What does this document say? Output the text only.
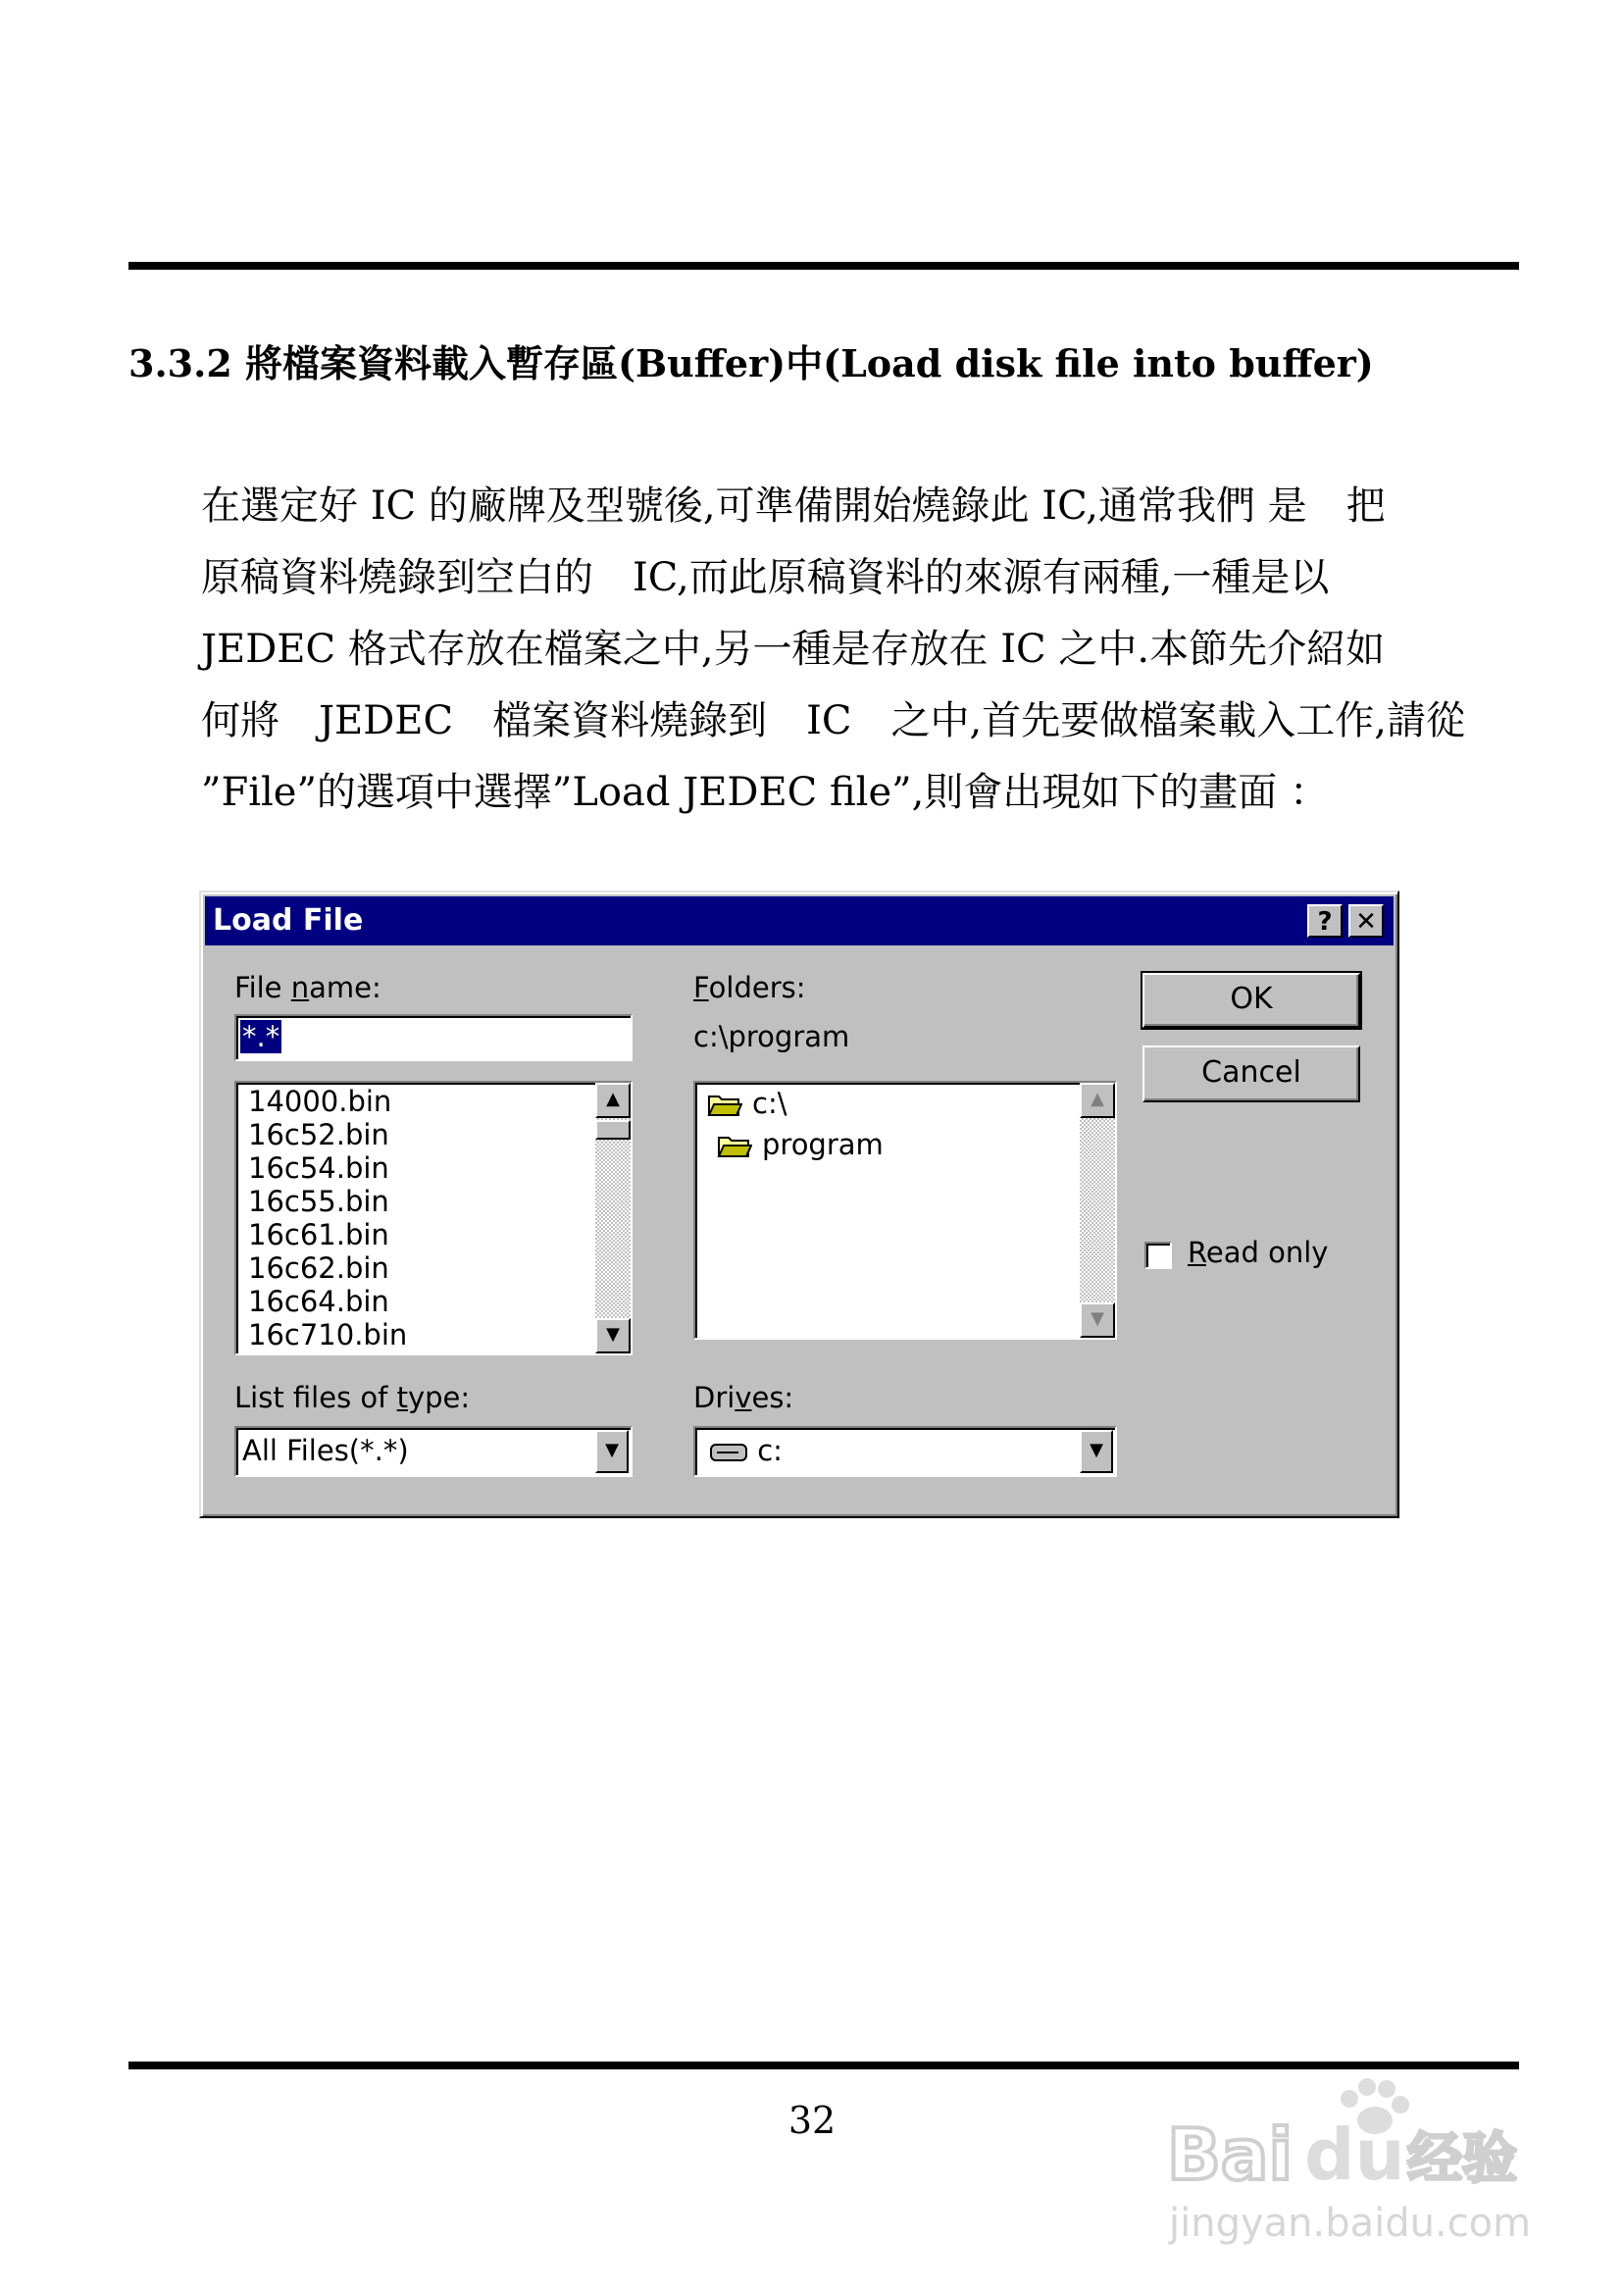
3.3.2 將檔案資料載入暫存區(Buffer)中(Load disk file into buffer)

在選定好 IC 的廠牌及型號後,可準備開始燒錄此 IC,通常我們 是　把

原稿資料燒錄到空白的　IC,而此原稿資料的來源有兩種,一種是以

JEDEC 格式存放在檔案之中,另一種是存放在 IC 之中.本節先介紹如

何將　JEDEC　檔案資料燒錄到　IC　之中,首先要做檔案載入工作,請從

”File”的選項中選擇”Load JEDEC file”,則會出現如下的畫面 ：

Load File	? ✕
File name:
*.*
14000.bin
16c52.bin
16c54.bin
16c55.bin
16c61.bin
16c62.bin
16c64.bin
16c710.bin
▲
▼
Folders:
c:\program
c:\
program
▲
▼
OK
Cancel
Read only
List files of type:
All Files(*.*)	▼
Drives:
c:	▼
32	Bai du 经验
jingyan.baidu.com
